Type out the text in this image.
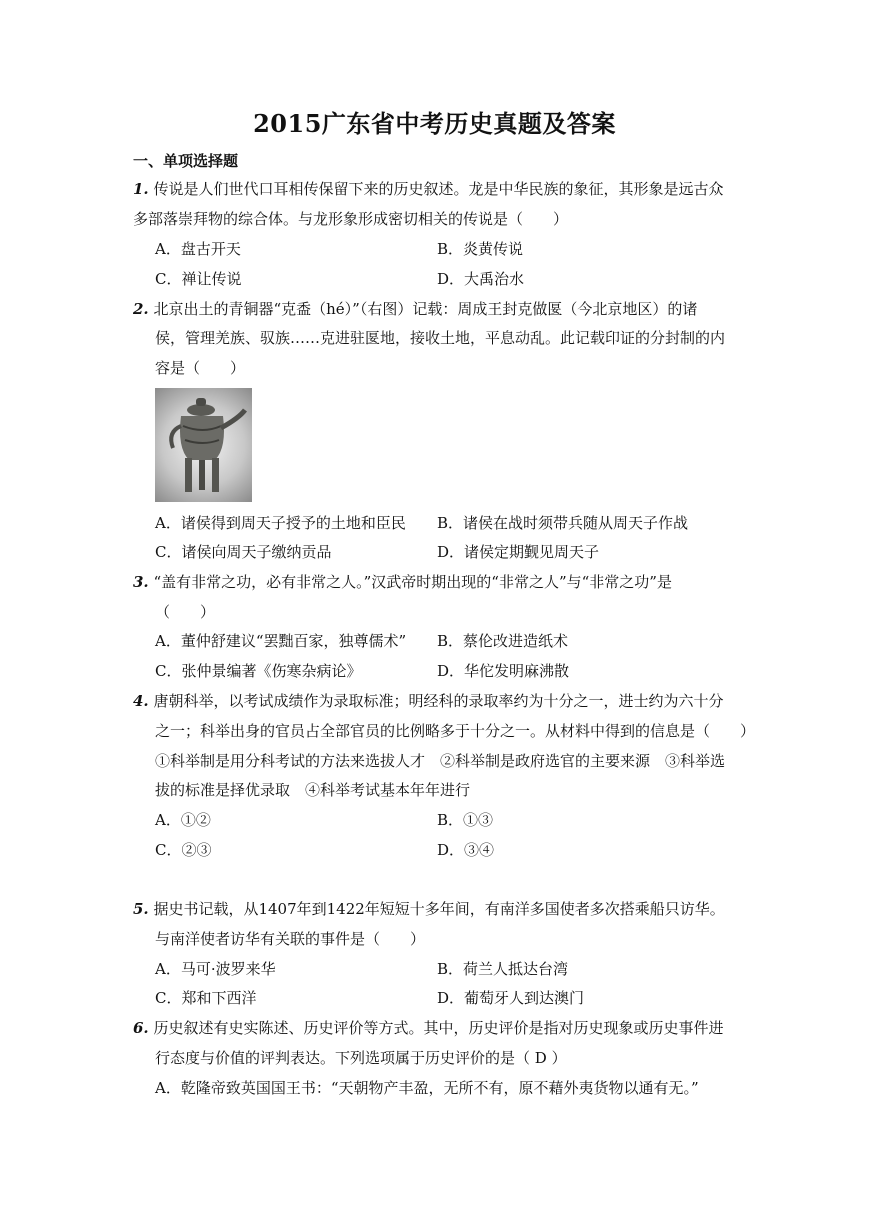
2015广东省中考历史真题及答案
一、单项选择题
1. 传说是人们世代口耳相传保留下来的历史叙述。龙是中华民族的象征，其形象是远古众
多部落崇拜物的综合体。与龙形象形成密切相关的传说是（　　）
A．盘古开天	B．炎黄传说
C．禅让传说	D．大禹治水
2. 北京出土的青铜器“克盉（hé）”（右图）记载：周成王封克做匽（今北京地区）的诸
侯，管理羌族、驭族……克进驻匽地，接收土地，平息动乱。此记载印证的分封制的内
容是（　　）
A．诸侯得到周天子授予的土地和臣民 B．诸侯在战时须带兵随从周天子作战
C．诸侯向周天子缴纳贡品	D．诸侯定期觐见周天子
3. “盖有非常之功，必有非常之人。”汉武帝时期出现的“非常之人”与“非常之功”是
（　　）
A．董仲舒建议“罢黜百家，独尊儒术” B．蔡伦改进造纸术
C．张仲景编著《伤寒杂病论》	D．华佗发明麻沸散
4. 唐朝科举，以考试成绩作为录取标准；明经科的录取率约为十分之一，进士约为六十分
之一；科举出身的官员占全部官员的比例略多于十分之一。从材料中得到的信息是（　　）
①科举制是用分科考试的方法来选拔人才　②科举制是政府选官的主要来源　③科举选
拔的标准是择优录取　④科举考试基本年年进行
A．①②	B．①③
C．②③	D．③④
5. 据史书记载，从1407年到1422年短短十多年间，有南洋多国使者多次搭乘船只访华。
与南洋使者访华有关联的事件是（　　）
A．马可·波罗来华	B．荷兰人抵达台湾
C．郑和下西洋	D．葡萄牙人到达澳门
6. 历史叙述有史实陈述、历史评价等方式。其中，历史评价是指对历史现象或历史事件进
行态度与价值的评判表达。下列选项属于历史评价的是（ D ）
A．乾隆帝致英国国王书：“天朝物产丰盈，无所不有，原不藉外夷货物以通有无。”
